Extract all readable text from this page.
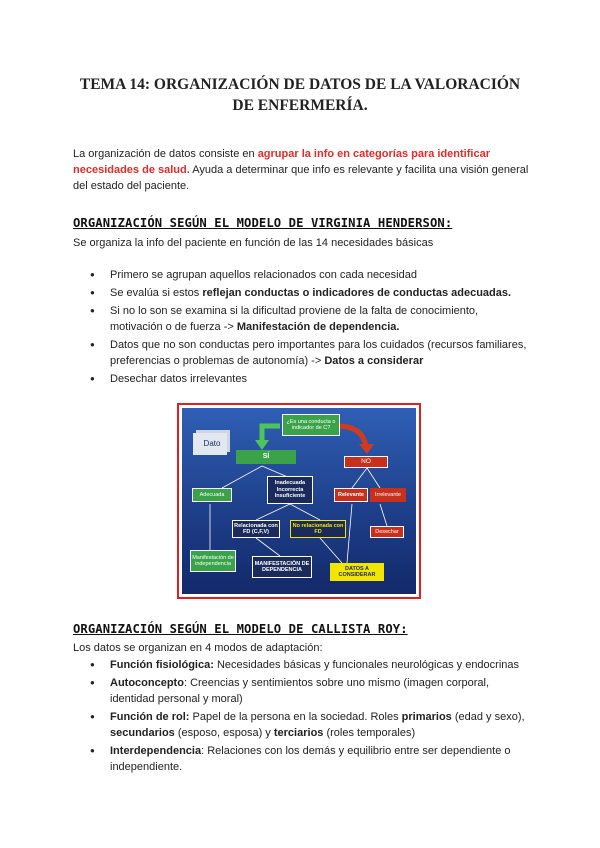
TEMA 14: ORGANIZACIÓN DE DATOS DE LA VALORACIÓN
DE ENFERMERÍA.
La organización de datos consiste en agrupar la info en categorías para identificar necesidades de salud. Ayuda a determinar que info es relevante y facilita una visión general del estado del paciente.
ORGANIZACIÓN SEGÚN EL MODELO DE VIRGINIA HENDERSON:
Se organiza la info del paciente en función de las 14 necesidades básicas
● Primero se agrupan aquellos relacionados con cada necesidad
● Se evalúa si estos reflejan conductas o indicadores de conductas adecuadas.
● Si no lo son se examina si la dificultad proviene de la falta de conocimiento, motivación o de fuerza -> Manifestación de dependencia.
● Datos que no son conductas pero importantes para los cuidados (recursos familiares, preferencias o problemas de autonomía) -> Datos a considerar
● Desechar datos irrelevantes
Dato
¿Es una conducta o indicador de C?
SÍ
NO
Adecuada
Inadecuada Incorrecta Insuficiente	Relevante	Irrelevante
Relacionada con FD (C,F,V)
No relacionada con FD	Desechar
Manifestación de independencia	MANIFESTACIÓN DE DEPENDENCIA	DATOS A CONSIDERAR
ORGANIZACIÓN SEGÚN EL MODELO DE CALLISTA ROY:
Los datos se organizan en 4 modos de adaptación:
● Función fisiológica: Necesidades básicas y funcionales neurológicas y endocrinas
● Autoconcepto: Creencias y sentimientos sobre uno mismo (imagen corporal, identidad personal y moral)
● Función de rol: Papel de la persona en la sociedad. Roles primarios (edad y sexo), secundarios (esposo, esposa) y terciarios (roles temporales)
● Interdependencia: Relaciones con los demás y equilibrio entre ser dependiente o independiente.
